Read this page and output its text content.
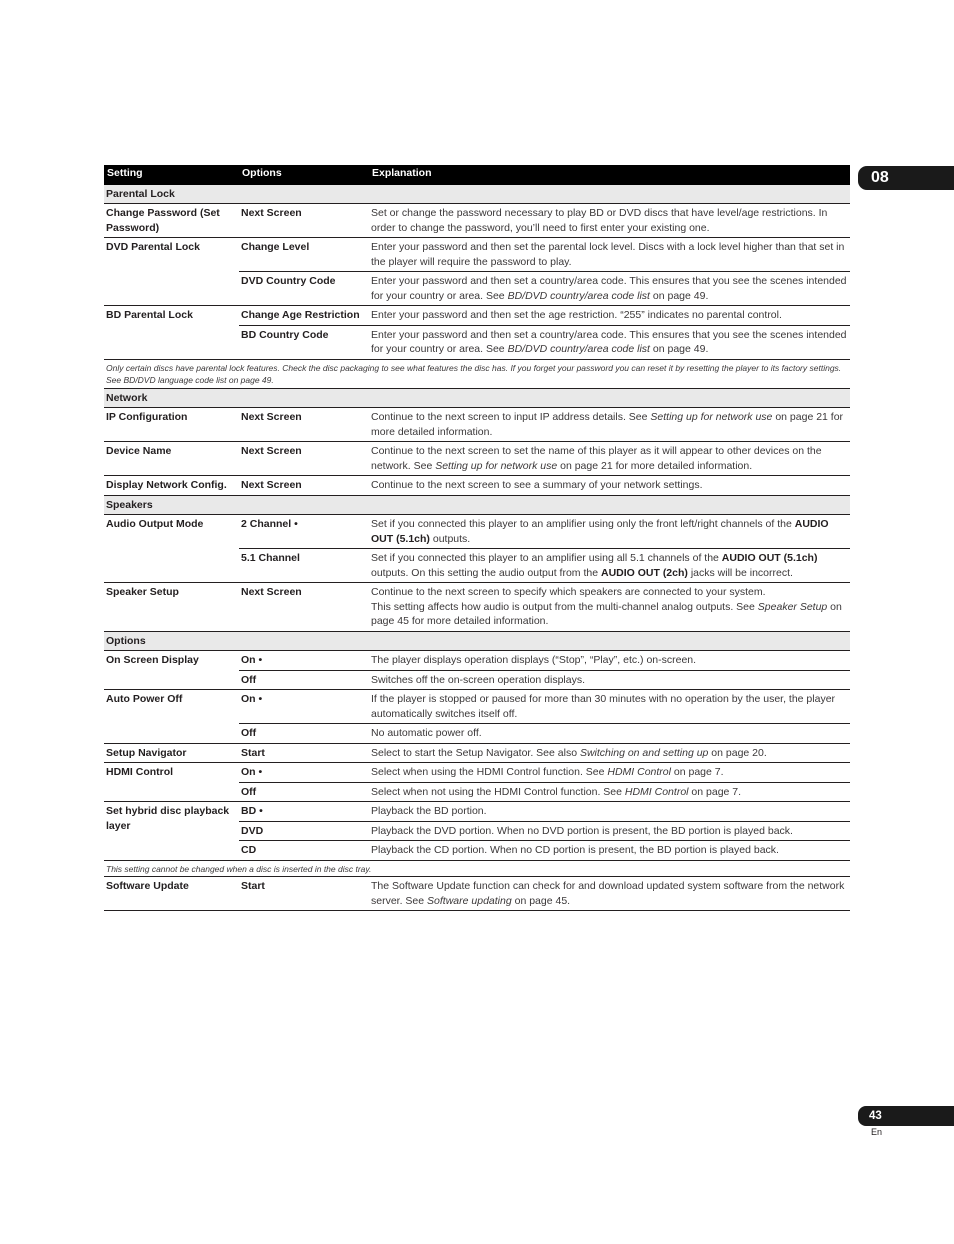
08
Setting	Options	Explanation
Parental Lock		
Change Password (Set Password)	Next Screen	Set or change the password necessary to play BD or DVD discs that have level/age restrictions. In order to change the password, you’ll need to first enter your existing one.
DVD Parental Lock	Change Level	Enter your password and then set the parental lock level. Discs with a lock level higher than that set in the player will require the password to play.
	DVD Country Code	Enter your password and then set a country/area code. This ensures that you see the scenes intended for your country or area. See BD/DVD country/area code list on page 49.
BD Parental Lock	Change Age Restriction	Enter your password and then set the age restriction. “255” indicates no parental control.
	BD Country Code	Enter your password and then set a country/area code. This ensures that you see the scenes intended for your country or area. See BD/DVD country/area code list on page 49.
Only certain discs have parental lock features. Check the disc packaging to see what features the disc has. If you forget your password you can reset it by resetting the player to its factory settings. See BD/DVD language code list on page 49.		
Network		
IP Configuration	Next Screen	Continue to the next screen to input IP address details. See Setting up for network use on page 21 for more detailed information.
Device Name	Next Screen	Continue to the next screen to set the name of this player as it will appear to other devices on the network. See Setting up for network use on page 21 for more detailed information.
Display Network Config.	Next Screen	Continue to the next screen to see a summary of your network settings.
Speakers		
Audio Output Mode	2 Channel •	Set if you connected this player to an amplifier using only the front left/right channels of the AUDIO OUT (5.1ch) outputs.
	5.1 Channel	Set if you connected this player to an amplifier using all 5.1 channels of the AUDIO OUT (5.1ch) outputs. On this setting the audio output from the AUDIO OUT (2ch) jacks will be incorrect.
Speaker Setup	Next Screen	Continue to the next screen to specify which speakers are connected to your system.
This setting affects how audio is output from the multi-channel analog outputs. See Speaker Setup on page 45 for more detailed information.
Options		
On Screen Display	On •	The player displays operation displays (“Stop”, “Play”, etc.) on-screen.
	Off	Switches off the on-screen operation displays.
Auto Power Off	On •	If the player is stopped or paused for more than 30 minutes with no operation by the user, the player automatically switches itself off.
	Off	No automatic power off.
Setup Navigator	Start	Select to start the Setup Navigator. See also Switching on and setting up on page 20.
HDMI Control	On •	Select when using the HDMI Control function. See HDMI Control on page 7.
	Off	Select when not using the HDMI Control function. See HDMI Control on page 7.
Set hybrid disc playback layer	BD •	Playback the BD portion.
	DVD	Playback the DVD portion. When no DVD portion is present, the BD portion is played back.
	CD	Playback the CD portion. When no CD portion is present, the BD portion is played back.
This setting cannot be changed when a disc is inserted in the disc tray.		
Software Update	Start	The Software Update function can check for and download updated system software from the network server. See Software updating on page 45.
43
En
